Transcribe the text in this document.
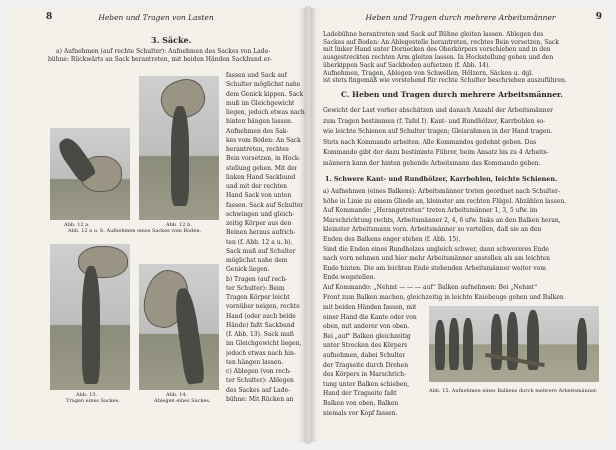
8	Heben und Tragen von Lasten
3. Säcke.
a) Aufnehmen (auf rechte Schulter): Aufnehmen des Sackes von Lade-
bühne: Rückwärts an Sack herantreten, mit beiden Händen Sackbund er-
fassen und Sack auf
Schulter möglichst nahe
dem Genick kippen. Sack
muß im Gleichgewicht
liegen, jedoch etwas nach
hinten hängen lassen.
Aufnehmen des Sak-
kes vom Boden: An Sack
herantreten, rechtes
Bein vorsetzen, in Hock-
stellung gehen. Mit der
linken Hand Sackbund
und mit der rechten
Hand Sack von unten
fassen. Sack auf Schulter
schwingen und gleich-
zeitig Körper aus den
Beinen heraus aufrich-
ten (f. Abb. 12 a u. b).
Sack muß auf Schulter
möglichst nahe dem
Genick liegen.
b) Tragen (auf rech-
ter Schulter): Beim
Tragen Körper leicht
vornüber neigen, rechte
Hand (oder auch beide
Hände) faßt Sackbund
(f. Abb. 13). Sack muß
im Gleichgewicht liegen,
jedoch etwas nach hin-
ten hängen lassen.
c) Ablegen (von rech-
ter Schulter): Ablegen
des Sackes auf Lade-
bühne: Mit Rücken an
Abb. 12 a.	Abb. 12 b.
Abb. 12 a u. b. Aufnehmen eines Sackes vom Boden.
Abb. 13.
Tragen eines Sackes.
Abb. 14.
Ablegen eines Sackes.
9
Heben und Tragen durch mehrere Arbeitsmänner
Ladebühne herantreten und Sack auf Bühne gleiten lassen. Ablegen des
Sackes auf Boden: An Ablegestelle herantreten, rechtes Bein vorsetzen, Sack
mit linker Hand unter Dornecken des Oberkörpers vorschieben und in den
ausgestreckten rechten Arm gleiten lassen. In Hockstellung gehen und den
überkippen Sack auf Sackboden aufsetzen (f. Abb. 14).
Aufnehmen, Tragen, Ablegen von Schwellen, Hölzern, Säcken u. dgl.
ist stets fingemäß wie vorstehend für rechte Schulter beschrieben auszuführen.
C. Heben und Tragen durch mehrere Arbeitsmänner.
Gewicht der Last vorher abschätzen und danach Anzahl der Arbeitsmänner
zum Tragen bestimmen (f. Tafel I). Kant- und Rundhölzer, Karrbohlen so-
wie leichte Schienen auf Schulter tragen; Gleisrahmen in der Hand tragen.
Stets nach Kommando arbeiten. Alle Kommandos gedehnt geben. Das
Kommando gibt der dazu bestimmte Führer, beim Ansatz bis zu 4 Arbeits-
männern kann der hinten gehende Arbeitsmann das Kommando geben.
1. Schwere Kant- und Rundhölzer, Karrbohlen, leichte Schienen.
a) Aufnehmen (eines Balkens): Arbeitsmänner treten geordnet nach Schulter-
höhe in Linie zu einem Gliede an, kleinster am rechten Flügel. Abzählen lassen.
Auf Kommando: „Herangetreten“ treten Arbeitsmänner 1, 3, 5 ufw. im
Marschrichtung rechts, Arbeitsmänner 2, 4, 6 ufw. links an den Balken heran,
kleinster Arbeitsmann vorn. Arbeitsmänner so verteilen, daß sie an den
Enden des Balkens enger stehen (f. Abb. 15).
Sind die Enden eines Rundholzes ungleich schwer, dann schwereres Ende
nach vorn nehmen und hier mehr Arbeitsmänner anstellen als am leichten
Ende hinten. Die am leichten Ende stehenden Arbeitsmänner weiter vom
Ende wegstellen.
Auf Kommando: „Nehmt — — — auf“ Balken aufnehmen: Bei „Nehmt“
Front zum Balken machen, gleichzeitig in leichte Kniebeuge gehen und Balken
mit beiden Händen fassen, mit
einer Hand die Kante oder von
oben, mit anderer von oben.
Bei „auf“ Balken gleichzeitig
unter Strecken des Körpers
aufnehmen, dabei Schulter
der Tragseite durch Drehen
des Körpers in Marschrich-
tung unter Balken schieben,
Hand der Tragseite faßt
Balken von oben, Balken
niemals vor Kopf fassen.
Abb. 15. Aufnehmen eines Balkens durch mehrere Arbeitsmänner.
